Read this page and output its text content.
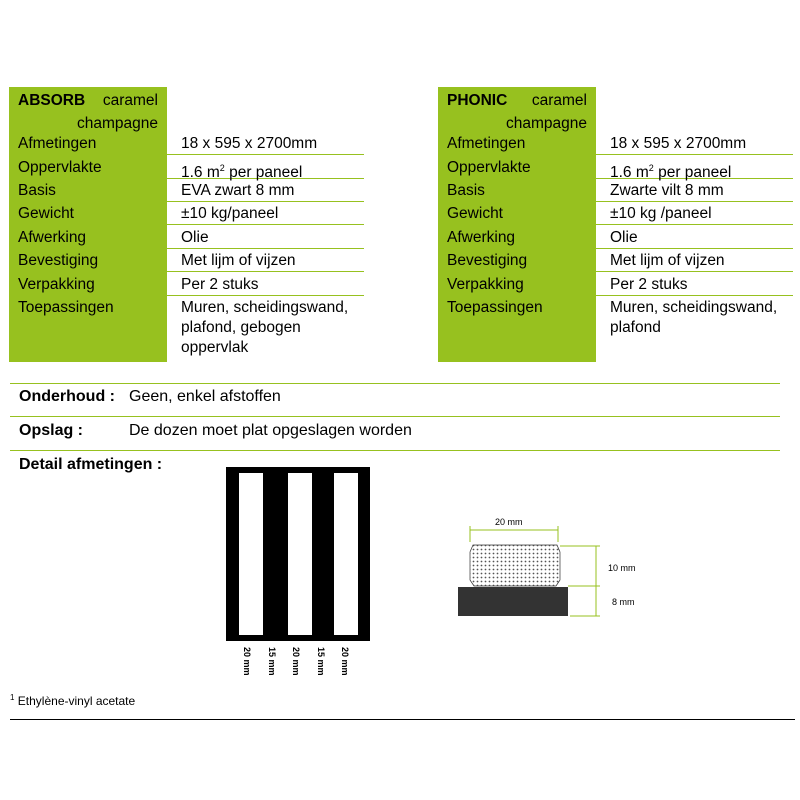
ABSORB caramel
champagne
Afmetingen	18 x 595 x 2700mm
Oppervlakte	1.6 $m^2$ per paneel
Basis	EVA zwart 8 mm
Gewicht	±10 kg/paneel
Afwerking	Olie
Bevestiging	Met lijm of vijzen
Verpakking	Per 2 stuks
Toepassingen	Muren, scheidingswand,
plafond, gebogen
oppervlak
PHONIC caramel
champagne
Afmetingen	18 x 595 x 2700mm
Oppervlakte	1.6 $m^2$ per paneel
Basis	Zwarte vilt 8 mm
Gewicht	±10 kg /paneel
Afwerking	Olie
Bevestiging	Met lijm of vijzen
Verpakking	Per 2 stuks
Toepassingen	Muren, scheidingswand,
plafond
Onderhoud : Geen, enkel afstoffen
Opslag :	De dozen moet plat opgeslagen worden
Detail afmetingen :
20 mm 15 mm 20 mm 15 mm 20 mm
20 mm
10 mm
8 mm
$^1$ Ethylène-vinyl acetate
